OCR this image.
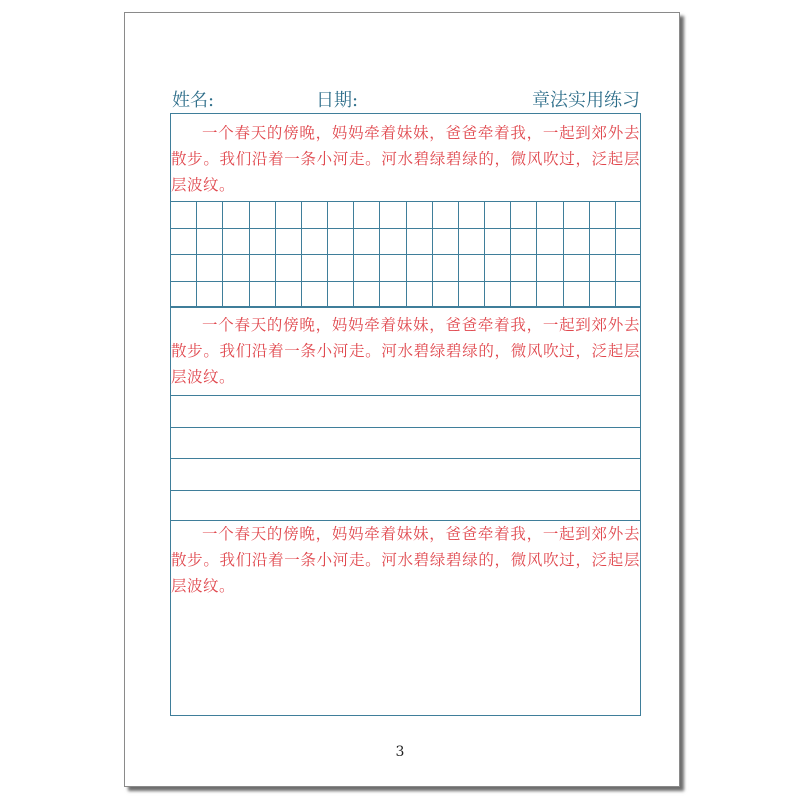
姓名:	日期:	章法实用练习

一个春天的傍晚，妈妈牵着妹妹，爸爸牵着我，一起到郊外去散步。我们沿着一条小河走。河水碧绿碧绿的，微风吹过，泛起层层波纹。

一个春天的傍晚，妈妈牵着妹妹，爸爸牵着我，一起到郊外去散步。我们沿着一条小河走。河水碧绿碧绿的，微风吹过，泛起层层波纹。

一个春天的傍晚，妈妈牵着妹妹，爸爸牵着我，一起到郊外去散步。我们沿着一条小河走。河水碧绿碧绿的，微风吹过，泛起层层波纹。

3
